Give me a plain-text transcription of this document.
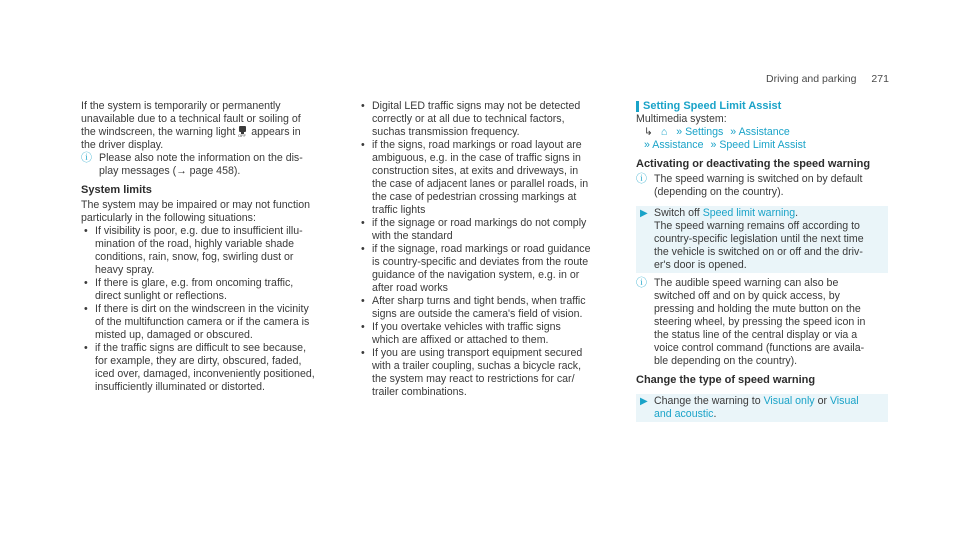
Driving and parking 271

If the system is temporarily or permanently
unavailable due to a technical fault or soiling of
the windscreen, the warning light OFF appears in
the driver display.

ⓘ Please also note the information on the dis-
play messages (→ page 458).

System limits

The system may be impaired or may not function
particularly in the following situations:

• If visibility is poor, e.g. due to insufficient illu-
mination of the road, highly variable shade
conditions, rain, snow, fog, swirling dust or
heavy spray.
• If there is glare, e.g. from oncoming traffic,
direct sunlight or reflections.
• If there is dirt on the windscreen in the vicinity
of the multifunction camera or if the camera is
misted up, damaged or obscured.
• if the traffic signs are difficult to see because,
for example, they are dirty, obscured, faded,
iced over, damaged, inconveniently positioned,
insufficiently illuminated or distorted.
• Digital LED traffic signs may not be detected
correctly or at all due to technical factors,
suchas transmission frequency.
• if the signs, road markings or road layout are
ambiguous, e.g. in the case of traffic signs in
construction sites, at exits and driveways, in
the case of adjacent lanes or parallel roads, in
the case of pedestrian crossing markings at
traffic lights
• if the signage or road markings do not comply
with the standard
• if the signage, road markings or road guidance
is country-specific and deviates from the route
guidance of the navigation system, e.g. in or
after road works
• After sharp turns and tight bends, when traffic
signs are outside the camera's field of vision.
• If you overtake vehicles with traffic signs
which are affixed or attached to them.
• If you are using transport equipment secured
with a trailer coupling, suchas a bicycle rack,
the system may react to restrictions for car/
trailer combinations.

Setting Speed Limit Assist

Multimedia system:

↳ ⌂ » Settings » Assistance

» Assistance » Speed Limit Assist

Activating or deactivating the speed warning

ⓘ The speed warning is switched on by default
(depending on the country).
▶ Switch off Speed limit warning.
The speed warning remains off according to
country-specific legislation until the next time
the vehicle is switched on or off and the driv-
er's door is opened.
ⓘ The audible speed warning can also be
switched off and on by quick access, by
pressing and holding the mute button on the
steering wheel, by pressing the speed icon in
the status line of the central display or via a
voice control command (functions are availa-
ble depending on the country).

Change the type of speed warning

▶ Change the warning to Visual only or Visual
and acoustic.
